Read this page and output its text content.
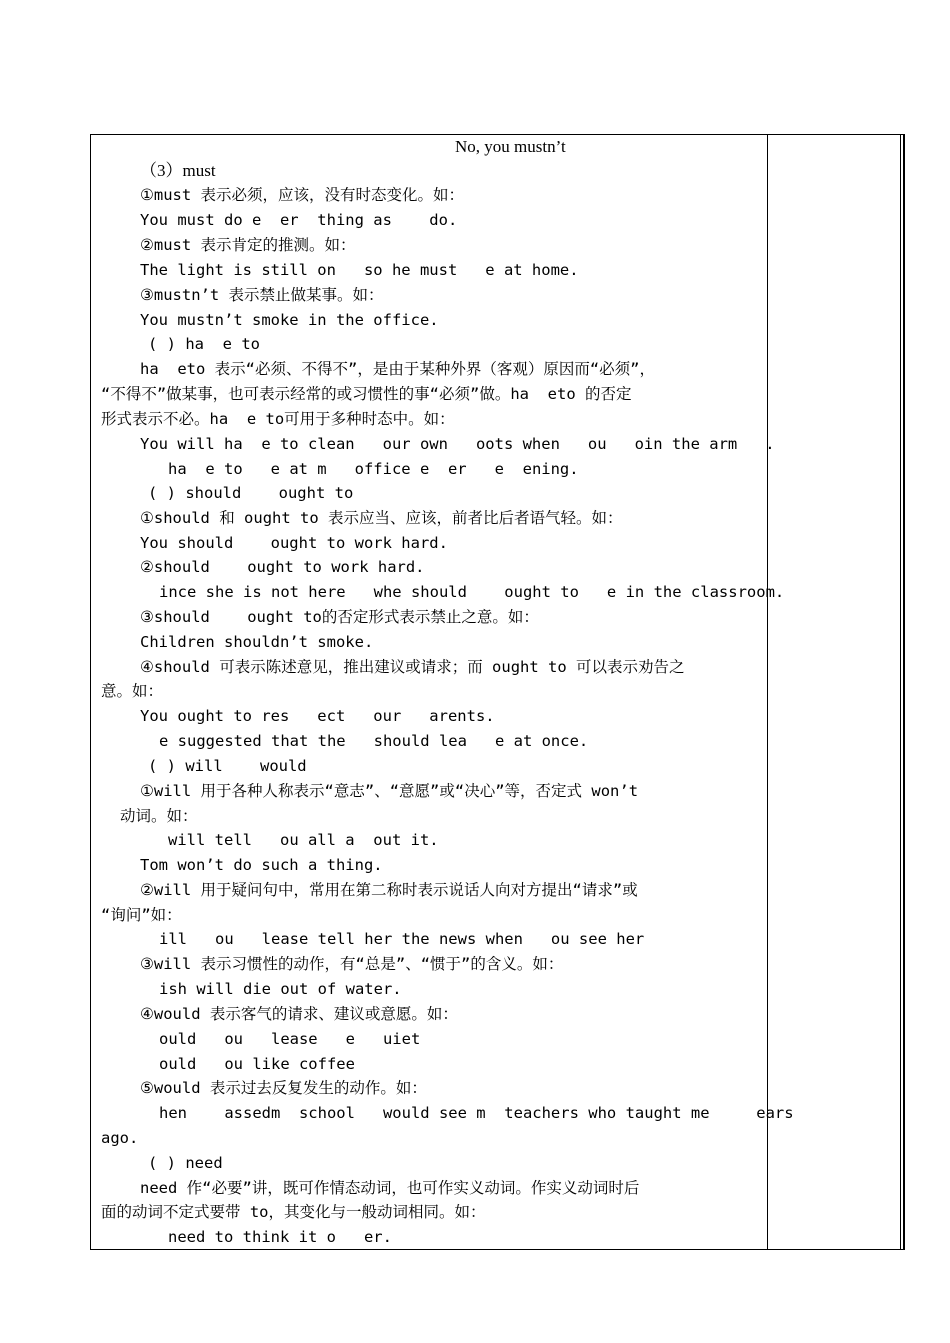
No, you mustn’t
（3）must
①must 表示必须，应该，没有时态变化。如：
You must do e  er  thing as    do.
②must 表示肯定的推测。如：
The light is still on   so he must   e at home.
③mustn’t 表示禁止做某事。如：
You mustn’t smoke in the office.
( ) ha  e to
ha  eto 表示“必须、不得不”，是由于某种外界（客观）原因而“必须”，
“不得不”做某事，也可表示经常的或习惯性的事“必须”做。ha  eto 的否定
形式表示不必。ha  e to可用于多种时态中。如：
You will ha  e to clean   our own   oots when   ou   oin the arm   .
ha  e to   e at m   office e  er   e  ening.
( ) should    ought to
①should 和 ought to 表示应当、应该，前者比后者语气轻。如：
You should    ought to work hard.
②should    ought to work hard.
ince she is not here   whe should    ought to   e in the classroom.
③should    ought to的否定形式表示禁止之意。如：
Children shouldn’t smoke.
④should 可表示陈述意见，推出建议或请求；而 ought to 可以表示劝告之
意。如：
You ought to res   ect   our   arents.
e suggested that the   should lea   e at once.
( ) will    would
①will 用于各种人称表示“意志”、“意愿”或“决心”等，否定式 won’t
动词。如：
will tell   ou all a  out it.
Tom won’t do such a thing.
②will 用于疑问句中，常用在第二称时表示说话人向对方提出“请求”或
“询问”如：
ill   ou   lease tell her the news when   ou see her
③will 表示习惯性的动作，有“总是”、“惯于”的含义。如：
ish will die out of water.
④would 表示客气的请求、建议或意愿。如：
ould   ou   lease   e   uiet
ould   ou like coffee
⑤would 表示过去反复发生的动作。如：
hen    assedm  school   would see m  teachers who taught me     ears
ago.
( ) need
need 作“必要”讲，既可作情态动词，也可作实义动词。作实义动词时后
面的动词不定式要带 to，其变化与一般动词相同。如：
need to think it o   er.
